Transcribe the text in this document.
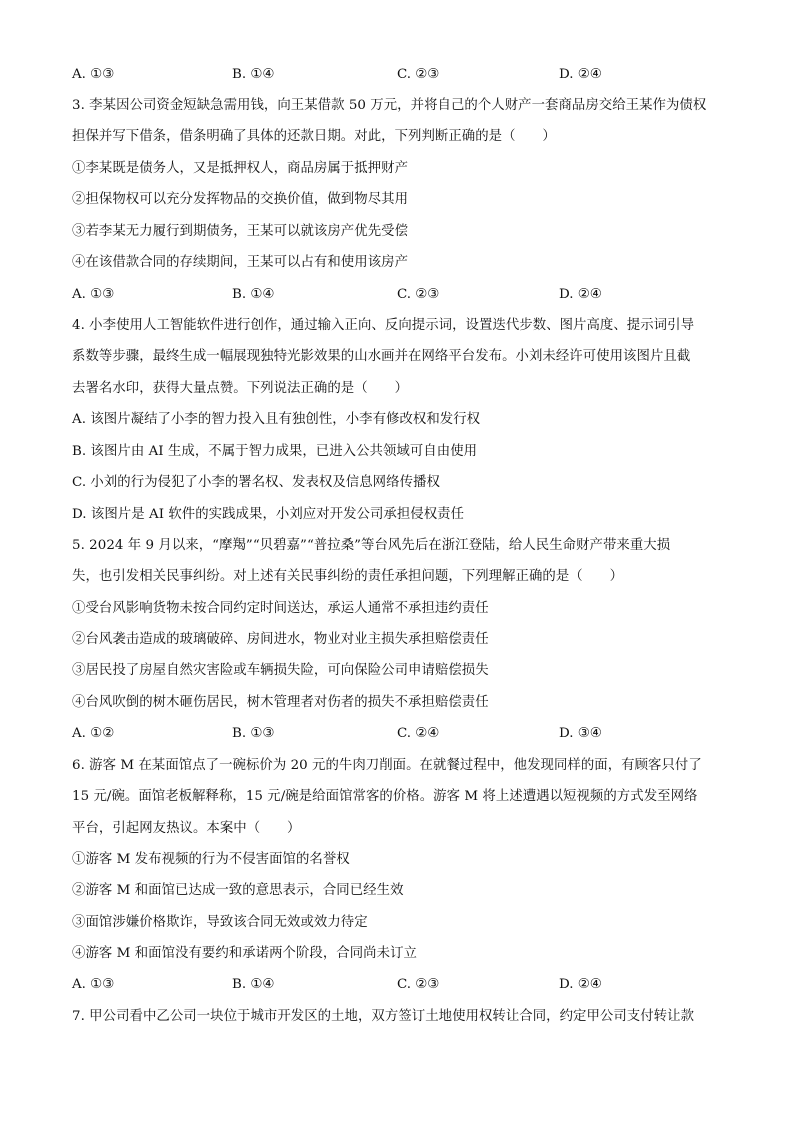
A. ①③	B. ①④	C. ②③	D. ②④
3. 李某因公司资金短缺急需用钱，向王某借款 50 万元，并将自己的个人财产一套商品房交给王某作为债权
担保并写下借条，借条明确了具体的还款日期。对此，下列判断正确的是（　　）
①李某既是债务人，又是抵押权人，商品房属于抵押财产
②担保物权可以充分发挥物品的交换价值，做到物尽其用
③若李某无力履行到期债务，王某可以就该房产优先受偿
④在该借款合同的存续期间，王某可以占有和使用该房产
A. ①③	B. ①④	C. ②③	D. ②④
4. 小李使用人工智能软件进行创作，通过输入正向、反向提示词，设置迭代步数、图片高度、提示词引导
系数等步骤，最终生成一幅展现独特光影效果的山水画并在网络平台发布。小刘未经许可使用该图片且截
去署名水印，获得大量点赞。下列说法正确的是（　　）
A. 该图片凝结了小李的智力投入且有独创性，小李有修改权和发行权
B. 该图片由 AI 生成，不属于智力成果，已进入公共领域可自由使用
C. 小刘的行为侵犯了小李的署名权、发表权及信息网络传播权
D. 该图片是 AI 软件的实践成果，小刘应对开发公司承担侵权责任
5. 2024 年 9 月以来，“摩羯”“贝碧嘉”“普拉桑”等台风先后在浙江登陆，给人民生命财产带来重大损
失，也引发相关民事纠纷。对上述有关民事纠纷的责任承担问题，下列理解正确的是（　　）
①受台风影响货物未按合同约定时间送达，承运人通常不承担违约责任
②台风袭击造成的玻璃破碎、房间进水，物业对业主损失承担赔偿责任
③居民投了房屋自然灾害险或车辆损失险，可向保险公司申请赔偿损失
④台风吹倒的树木砸伤居民，树木管理者对伤者的损失不承担赔偿责任
A. ①②	B. ①③	C. ②④	D. ③④
6. 游客 M 在某面馆点了一碗标价为 20 元的牛肉刀削面。在就餐过程中，他发现同样的面，有顾客只付了
15 元/碗。面馆老板解释称，15 元/碗是给面馆常客的价格。游客 M 将上述遭遇以短视频的方式发至网络
平台，引起网友热议。本案中（　　）
①游客 M 发布视频的行为不侵害面馆的名誉权
②游客 M 和面馆已达成一致的意思表示，合同已经生效
③面馆涉嫌价格欺诈，导致该合同无效或效力待定
④游客 M 和面馆没有要约和承诺两个阶段，合同尚未订立
A. ①③	B. ①④	C. ②③	D. ②④
7. 甲公司看中乙公司一块位于城市开发区的土地，双方签订土地使用权转让合同，约定甲公司支付转让款
